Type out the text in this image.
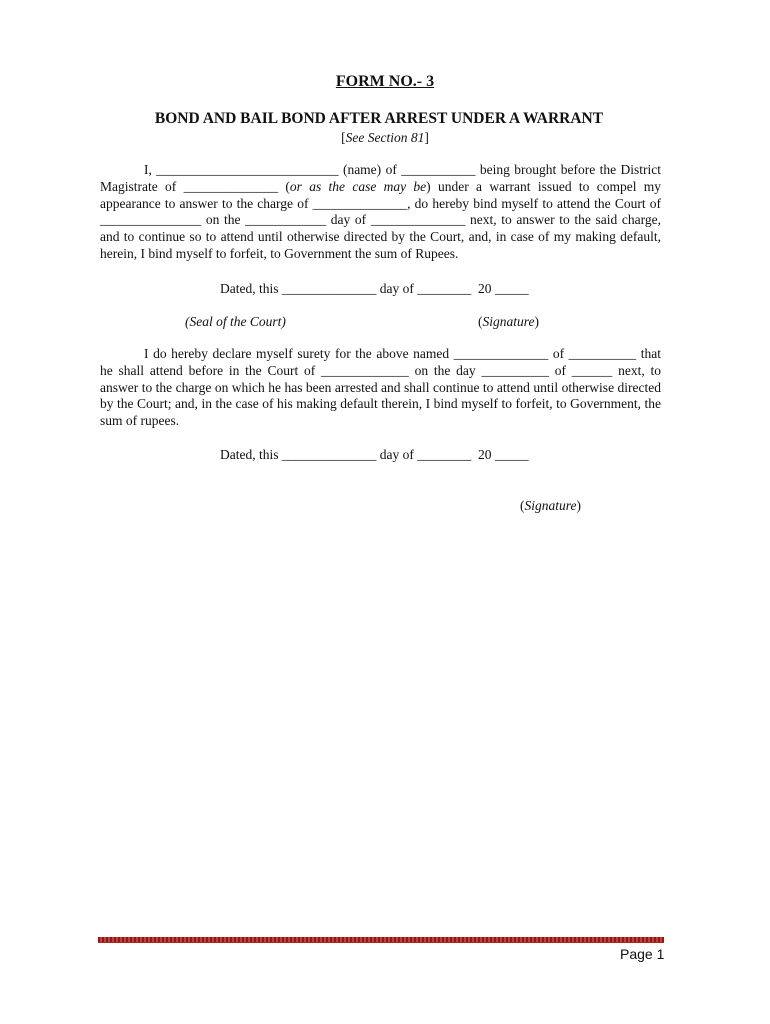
FORM NO.- 3
BOND AND BAIL BOND AFTER ARREST UNDER A WARRANT
[See Section 81]
I, ___________________________ (name) of ___________ being brought before the District Magistrate of ______________ (or as the case may be) under a warrant issued to compel my appearance to answer to the charge of ______________, do hereby bind myself to attend the Court of _______________ on the ____________ day of ______________ next, to answer to the said charge, and to continue so to attend until otherwise directed by the Court, and, in case of my making default, herein, I bind myself to forfeit, to Government the sum of Rupees.
Dated, this ______________ day of ________  20 _____
(Seal of the Court)	(Signature)
I do hereby declare myself surety for the above named ______________ of __________ that he shall attend before in the Court of _____________ on the day __________ of ______ next, to answer to the charge on which he has been arrested and shall continue to attend until otherwise directed by the Court; and, in the case of his making default therein, I bind myself to forfeit, to Government, the sum of rupees.
Dated, this ______________ day of ________  20 _____
(Signature)
Page 1
